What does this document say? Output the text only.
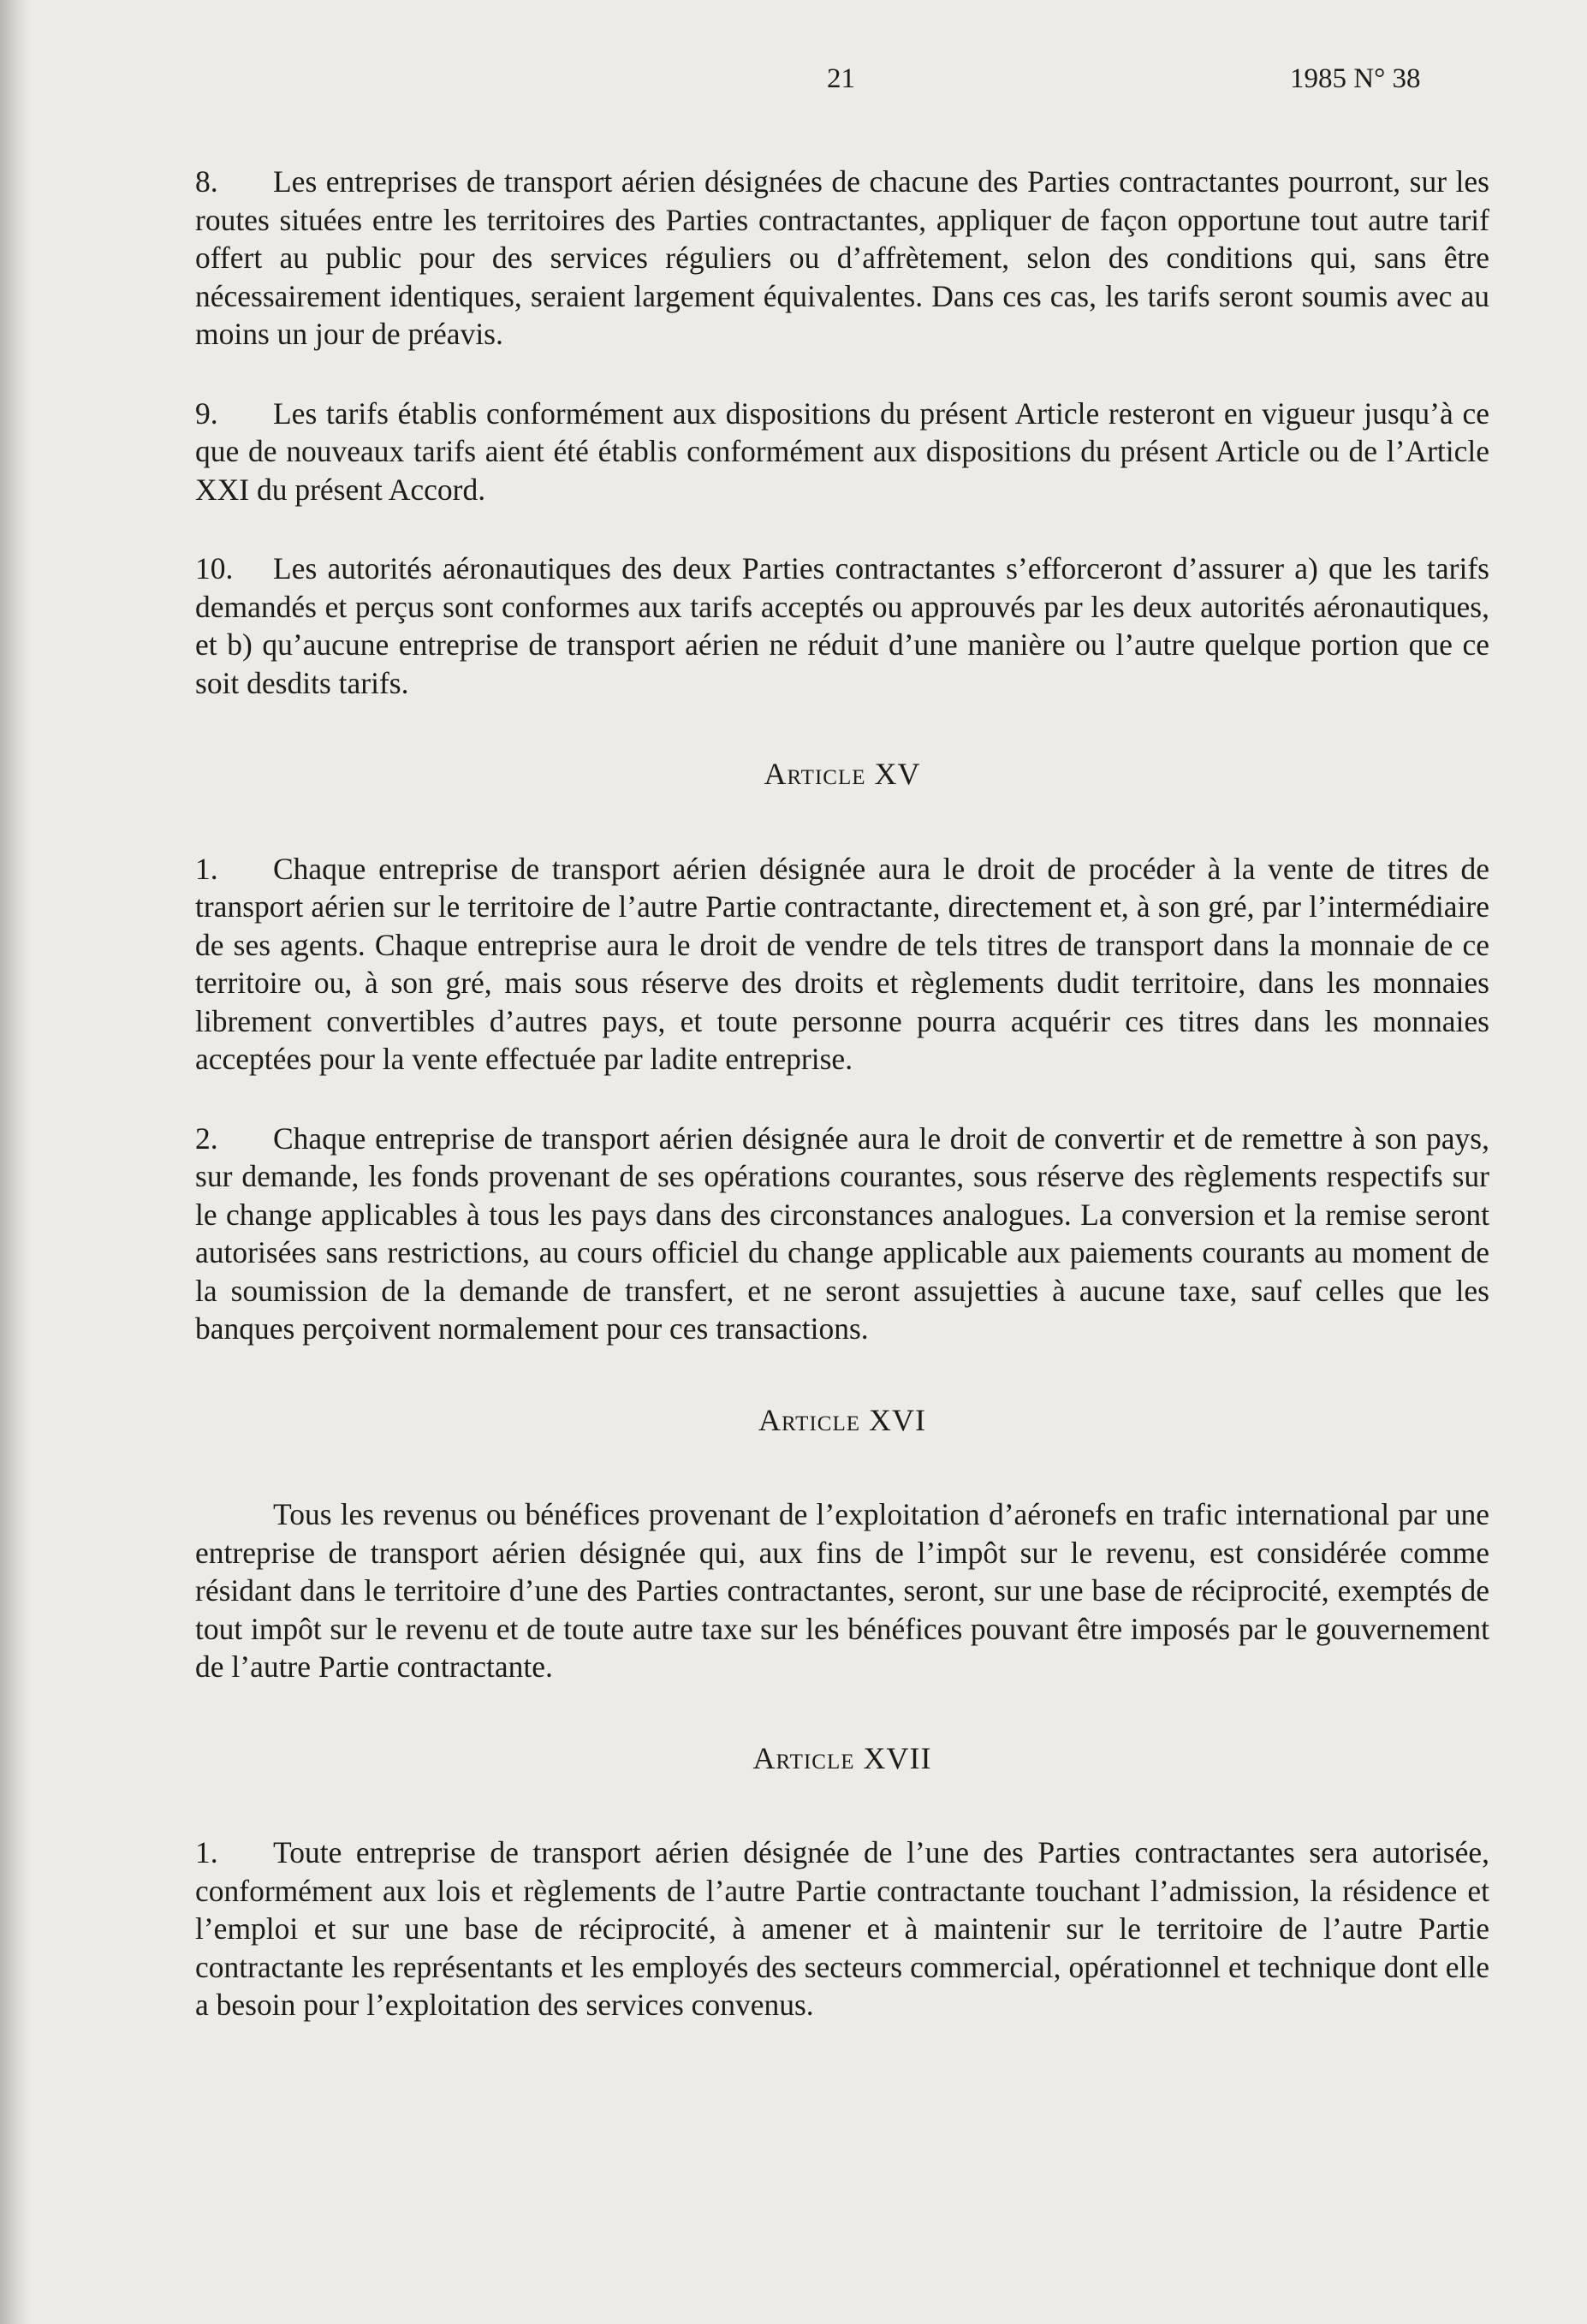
21	1985 N° 38

8. Les entreprises de transport aérien désignées de chacune des Parties contractantes pourront, sur les routes situées entre les territoires des Parties contractantes, appliquer de façon opportune tout autre tarif offert au public pour des services réguliers ou d’affrètement, selon des conditions qui, sans être nécessairement identiques, seraient largement équivalentes. Dans ces cas, les tarifs seront soumis avec au moins un jour de préavis.

9. Les tarifs établis conformément aux dispositions du présent Article resteront en vigueur jusqu’à ce que de nouveaux tarifs aient été établis conformément aux dispositions du présent Article ou de l’Article XXI du présent Accord.

10. Les autorités aéronautiques des deux Parties contractantes s’efforceront d’assurer a) que les tarifs demandés et perçus sont conformes aux tarifs acceptés ou approuvés par les deux autorités aéronautiques, et b) qu’aucune entreprise de transport aérien ne réduit d’une manière ou l’autre quelque portion que ce soit desdits tarifs.

Article XV

1. Chaque entreprise de transport aérien désignée aura le droit de procéder à la vente de titres de transport aérien sur le territoire de l’autre Partie contractante, directement et, à son gré, par l’intermédiaire de ses agents. Chaque entreprise aura le droit de vendre de tels titres de transport dans la monnaie de ce territoire ou, à son gré, mais sous réserve des droits et règlements dudit territoire, dans les monnaies librement convertibles d’autres pays, et toute personne pourra acquérir ces titres dans les monnaies acceptées pour la vente effectuée par ladite entreprise.

2. Chaque entreprise de transport aérien désignée aura le droit de convertir et de remettre à son pays, sur demande, les fonds provenant de ses opérations courantes, sous réserve des règlements respectifs sur le change applicables à tous les pays dans des circonstances analogues. La conversion et la remise seront autorisées sans restrictions, au cours officiel du change applicable aux paiements courants au moment de la soumission de la demande de transfert, et ne seront assujetties à aucune taxe, sauf celles que les banques perçoivent normalement pour ces transactions.

Article XVI

Tous les revenus ou bénéfices provenant de l’exploitation d’aéronefs en trafic international par une entreprise de transport aérien désignée qui, aux fins de l’impôt sur le revenu, est considérée comme résidant dans le territoire d’une des Parties contractantes, seront, sur une base de réciprocité, exemptés de tout impôt sur le revenu et de toute autre taxe sur les bénéfices pouvant être imposés par le gouvernement de l’autre Partie contractante.

Article XVII

1. Toute entreprise de transport aérien désignée de l’une des Parties contractantes sera autorisée, conformément aux lois et règlements de l’autre Partie contractante touchant l’admission, la résidence et l’emploi et sur une base de réciprocité, à amener et à maintenir sur le territoire de l’autre Partie contractante les représentants et les employés des secteurs commercial, opérationnel et technique dont elle a besoin pour l’exploitation des services convenus.
